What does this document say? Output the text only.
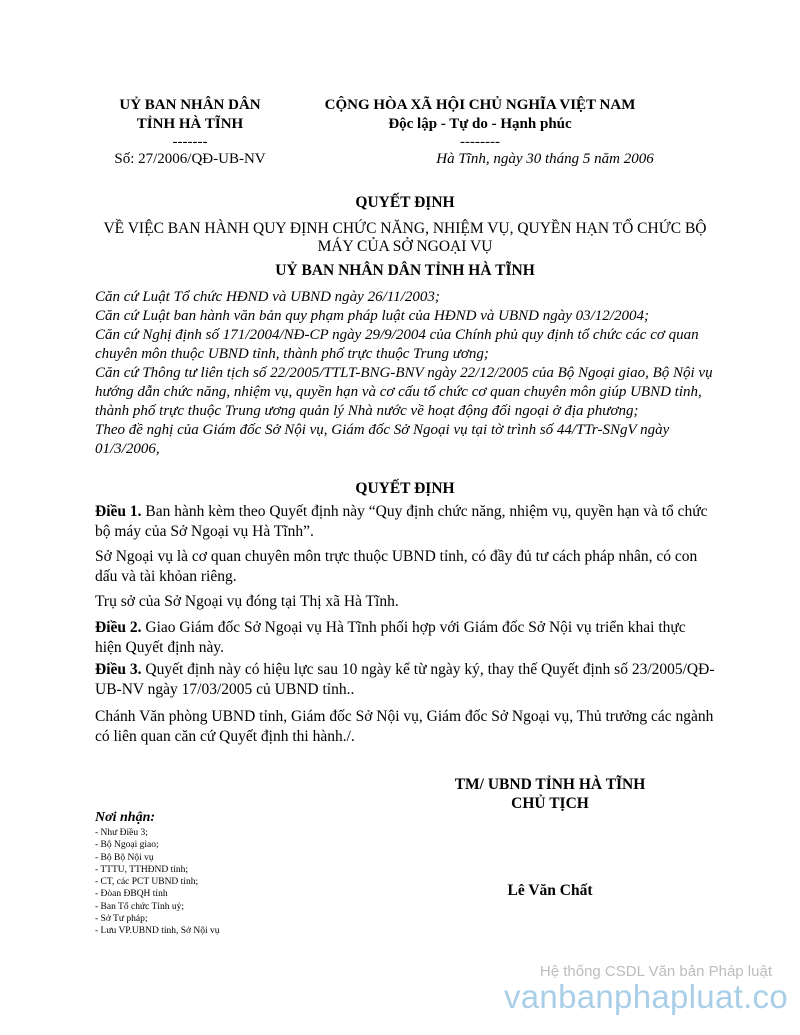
UỶ BAN NHÂN DÂN
TỈNH HÀ TĨNH
-------
Số: 27/2006/QĐ-UB-NV
CỘNG HÒA XÃ HỘI CHỦ NGHĨA VIỆT NAM
Độc lập - Tự do - Hạnh phúc
--------
Hà Tĩnh, ngày 30 tháng 5 năm 2006
QUYẾT ĐỊNH
VỀ VIỆC BAN HÀNH QUY ĐỊNH CHỨC NĂNG, NHIỆM VỤ, QUYỀN HẠN TỔ CHỨC BỘ
MÁY CỦA SỞ NGOẠI VỤ
UỶ BAN NHÂN DÂN TỈNH HÀ TĨNH
Căn cứ Luật Tổ chức HĐND và UBND ngày 26/11/2003;
Căn cứ Luật ban hành văn bản quy phạm pháp luật của HĐND và UBND ngày 03/12/2004;
Căn cứ Nghị định số 171/2004/NĐ-CP ngày 29/9/2004 của Chính phủ quy định tổ chức các cơ quan chuyên môn thuộc UBND tỉnh, thành phố trực thuộc Trung ương;
Căn cứ Thông tư liên tịch số 22/2005/TTLT-BNG-BNV ngày 22/12/2005 của Bộ Ngoại giao, Bộ Nội vụ hướng dẫn chức năng, nhiệm vụ, quyền hạn và cơ cấu tổ chức cơ quan chuyên môn giúp UBND tỉnh, thành phố trực thuộc Trung ương quản lý Nhà nước về hoạt động đối ngoại ở địa phương;
Theo đề nghị của Giám đốc Sở Nội vụ, Giám đốc Sở Ngoại vụ tại tờ trình số 44/TTr-SNgV ngày 01/3/2006,
QUYẾT ĐỊNH

Điều 1. Ban hành kèm theo Quyết định này “Quy định chức năng, nhiệm vụ, quyền hạn và tổ chức bộ máy của Sở Ngoại vụ Hà Tĩnh”.

Sở Ngoại vụ là cơ quan chuyên môn trực thuộc UBND tỉnh, có đầy đủ tư cách pháp nhân, có con dấu và tài khỏan riêng.

Trụ sở của Sở Ngoại vụ đóng tại Thị xã Hà Tĩnh.

Điều 2. Giao Giám đốc Sở Ngoại vụ Hà Tĩnh phối hợp với Giám đốc Sở Nội vụ triển khai thực hiện Quyết định này.

Điều 3. Quyết định này có hiệu lực sau 10 ngày kể từ ngày ký, thay thế Quyết định số 23/2005/QĐ-UB-NV ngày 17/03/2005 củ UBND tỉnh..

Chánh Văn phòng UBND tỉnh, Giám đốc Sở Nội vụ, Giám đốc Sở Ngoại vụ, Thủ trưởng các ngành có liên quan căn cứ Quyết định thi hành./.

TM/ UBND TỈNH HÀ TĨNH
CHỦ TỊCH
Lê Văn Chất
Nơi nhận:
- Như Điều 3;
- Bộ Ngoại giao;
- Bộ Bộ Nội vụ
- TTTU, TTHĐND tỉnh;
- CT, các PCT UBND tỉnh;
- Đòan ĐBQH tỉnh
- Ban Tổ chức Tỉnh uỷ;
- Sở Tư pháp;
- Lưu VP.UBND tỉnh, Sở Nội vụ
Hệ thống CSDL Văn bản Pháp luật
vanbanphapluat.co
